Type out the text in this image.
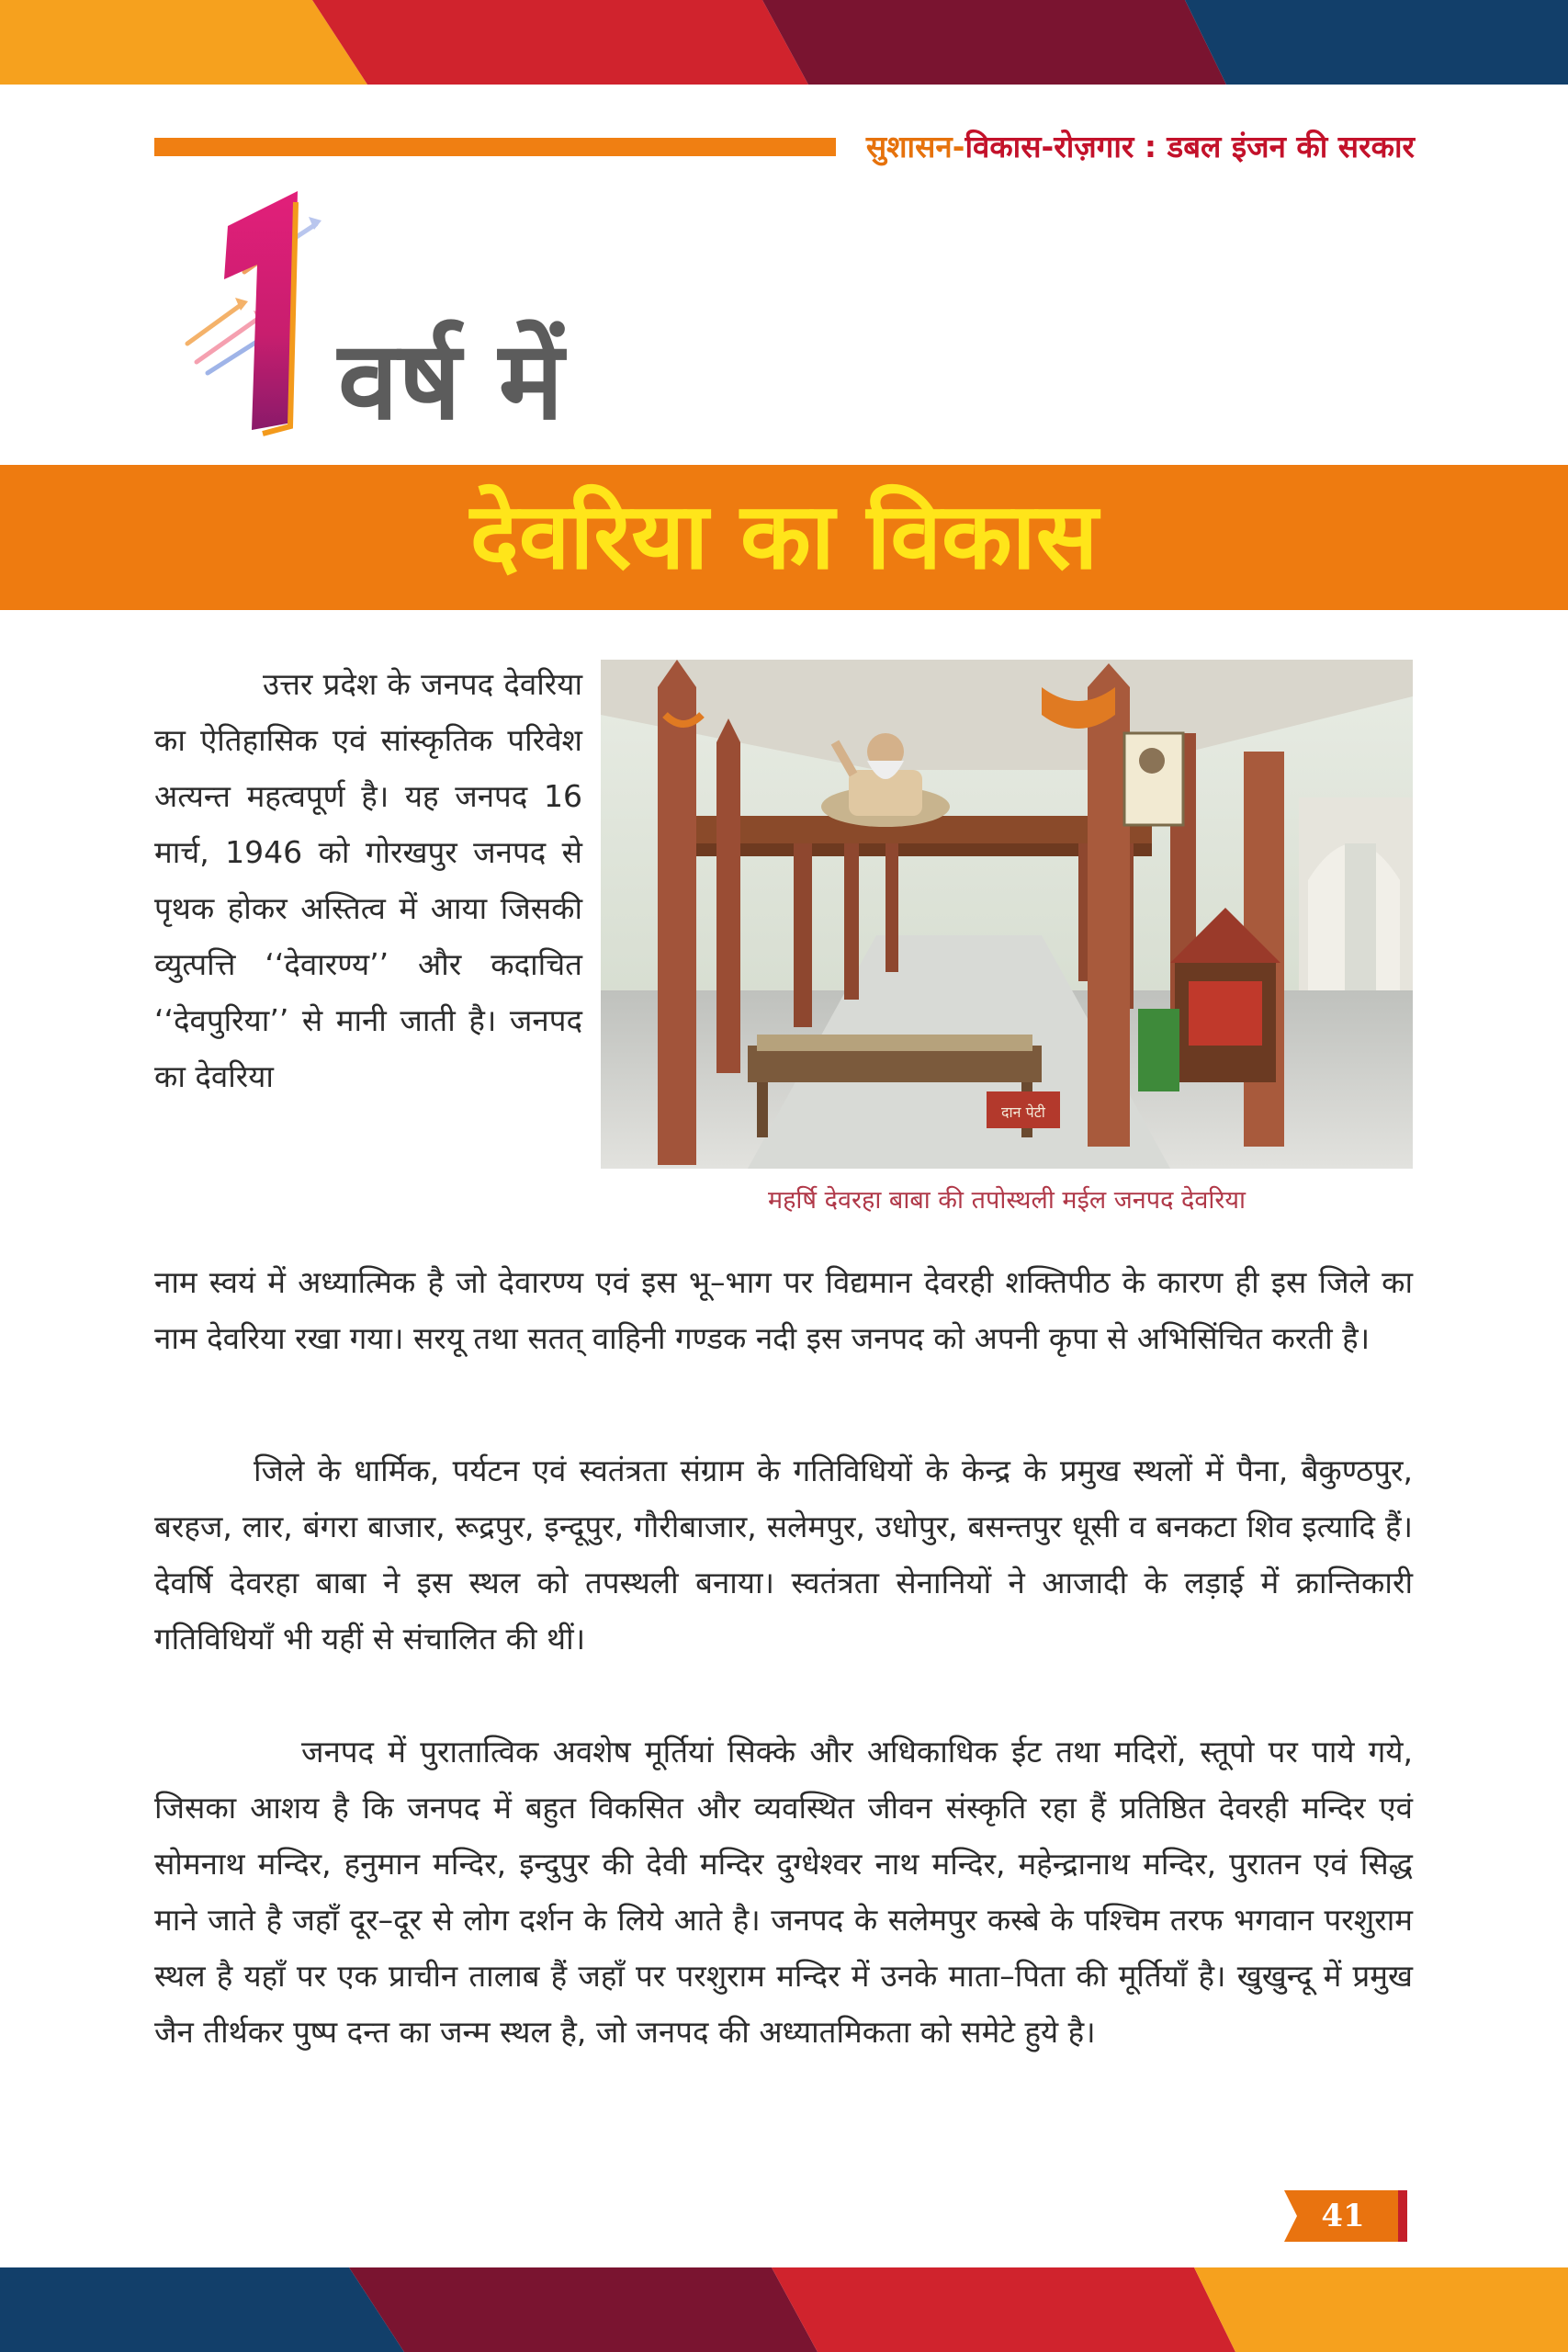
सुशासन-विकास-रोज़गार : डबल इंजन की सरकार
वर्ष में
देवरिया का विकास
दान पेटी
महर्षि देवरहा बाबा की तपोस्थली मईल जनपद देवरिया
उत्तर प्रदेश के जनपद देवरिया का ऐतिहासिक एवं सांस्कृतिक परिवेश अत्यन्त महत्वपूर्ण है। यह जनपद 16 मार्च, 1946 को गोरखपुर जनपद से पृथक होकर अस्तित्व में आया जिसकी व्युत्पत्ति ‘‘देवारण्य’’ और कदाचित ‘‘देवपुरिया’’ से मानी जाती है। जनपद का देवरिया
नाम स्वयं में अध्यात्मिक है जो देवारण्य एवं इस भू–भाग पर विद्यमान देवरही शक्तिपीठ के कारण ही इस जिले का नाम देवरिया रखा गया। सरयू तथा सतत् वाहिनी गण्डक नदी इस जनपद को अपनी कृपा से अभिसिंचित करती है।
जिले के धार्मिक, पर्यटन एवं स्वतंत्रता संग्राम के गतिविधियों के केन्द्र के प्रमुख स्थलों में पैना, बैकुण्ठपुर, बरहज, लार, बंगरा बाजार, रूद्रपुर, इन्दूपुर, गौरीबाजार, सलेमपुर, उधोपुर, बसन्तपुर धूसी व बनकटा शिव इत्यादि हैं। देवर्षि देवरहा बाबा ने इस स्थल को तपस्थली बनाया। स्वतंत्रता सेनानियों ने आजादी के लड़ाई में क्रान्तिकारी गतिविधियाँ भी यहीं से संचालित की थीं।
जनपद में पुरातात्विक अवशेष मूर्तियां सिक्के और अधिकाधिक ईट तथा मदिरों, स्तूपो पर पाये गये, जिसका आशय है कि जनपद में बहुत विकसित और व्यवस्थित जीवन संस्कृति रहा हैं प्रतिष्ठित देवरही मन्दिर एवं सोमनाथ मन्दिर, हनुमान मन्दिर, इन्दुपुर की देवी मन्दिर दुग्धेश्वर नाथ मन्दिर, महेन्द्रानाथ मन्दिर, पुरातन एवं सिद्ध माने जाते है जहाँ दूर–दूर से लोग दर्शन के लिये आते है। जनपद के सलेमपुर कस्बे के पश्चिम तरफ भगवान परशुराम स्थल है यहाँ पर एक प्राचीन तालाब हैं जहाँ पर परशुराम मन्दिर में उनके माता–पिता की मूर्तियाँ है। खुखुन्दू में प्रमुख जैन तीर्थकर पुष्प दन्त का जन्म स्थल है, जो जनपद की अध्यातमिकता को समेटे हुये है।
41
